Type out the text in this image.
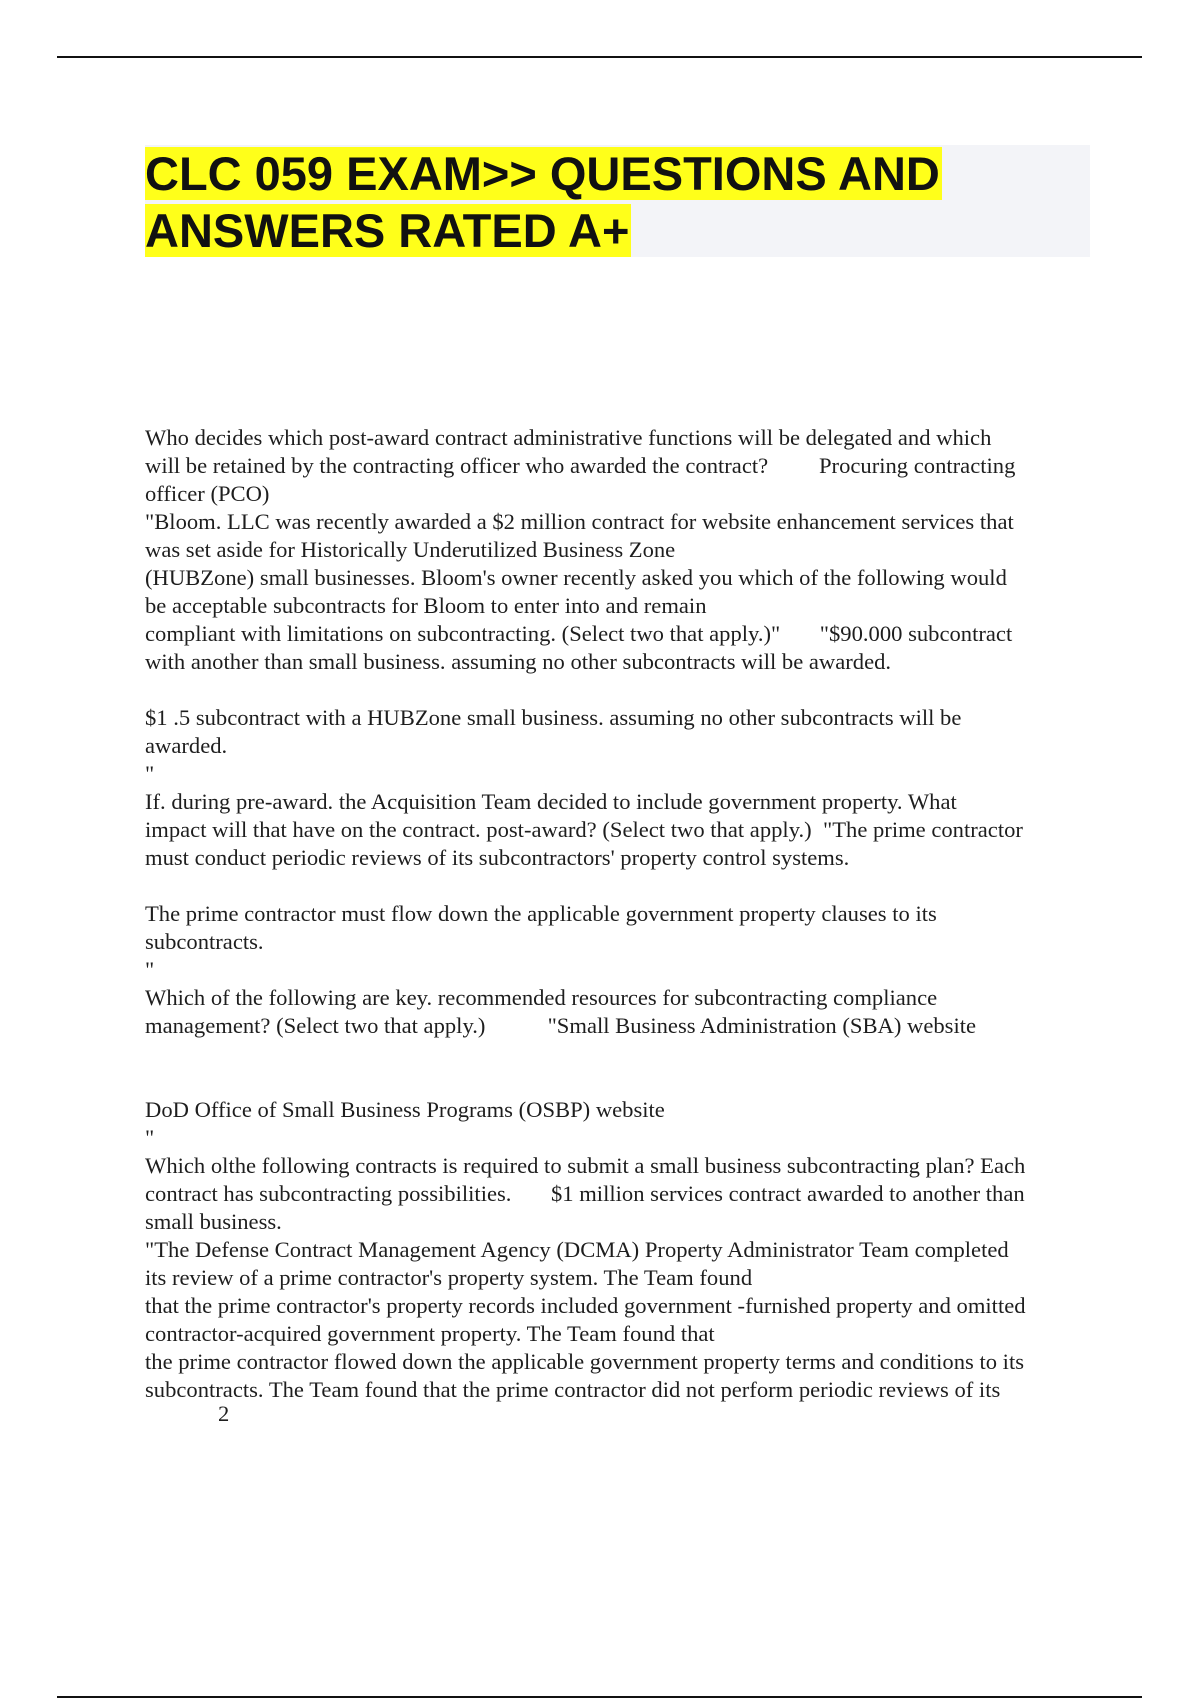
CLC 059 EXAM>> QUESTIONS AND
ANSWERS RATED A+
Who decides which post-award contract administrative functions will be delegated and which
will be retained by the contracting officer who awarded the contract?         Procuring contracting
officer (PCO)
"Bloom. LLC was recently awarded a $2 million contract for website enhancement services that
was set aside for Historically Underutilized Business Zone
(HUBZone) small businesses. Bloom's owner recently asked you which of the following would
be acceptable subcontracts for Bloom to enter into and remain
compliant with limitations on subcontracting. (Select two that apply.)"       "$90.000 subcontract
with another than small business. assuming no other subcontracts will be awarded.
$1 .5 subcontract with a HUBZone small business. assuming no other subcontracts will be
awarded.
"
If. during pre-award. the Acquisition Team decided to include government property. What
impact will that have on the contract. post-award? (Select two that apply.)  "The prime contractor
must conduct periodic reviews of its subcontractors' property control systems.
The prime contractor must flow down the applicable government property clauses to its
subcontracts.
"
Which of the following are key. recommended resources for subcontracting compliance
management? (Select two that apply.)           "Small Business Administration (SBA) website
DoD Office of Small Business Programs (OSBP) website
"
Which olthe following contracts is required to submit a small business subcontracting plan? Each
contract has subcontracting possibilities.       $1 million services contract awarded to another than
small business.
"The Defense Contract Management Agency (DCMA) Property Administrator Team completed
its review of a prime contractor's property system. The Team found
that the prime contractor's property records included government -furnished property and omitted
contractor-acquired government property. The Team found that
the prime contractor flowed down the applicable government property terms and conditions to its
subcontracts. The Team found that the prime contractor did not perform periodic reviews of its
2
